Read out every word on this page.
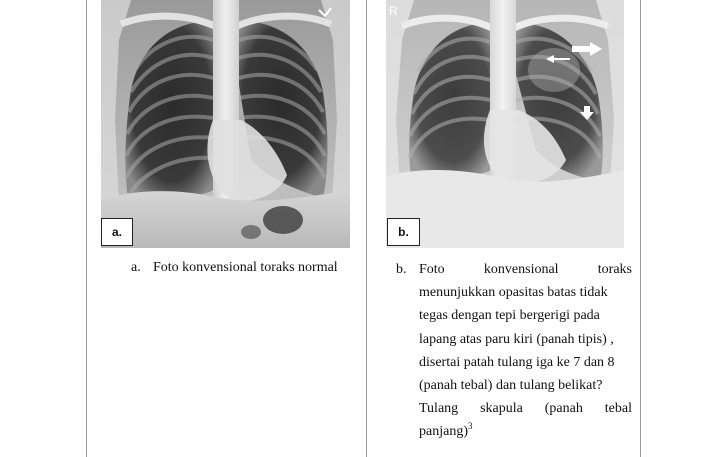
a.
R
b.
a. Foto konvensional toraks normal	b. Foto	konvensional	toraks
menunjukkan opasitas batas tidak
tegas dengan tepi bergerigi pada
lapang atas paru kiri (panah tipis) ,
disertai patah tulang iga ke 7 dan 8
(panah tebal) dan tulang belikat?
Tulang skapula (panah tebal
panjang)$^3$
